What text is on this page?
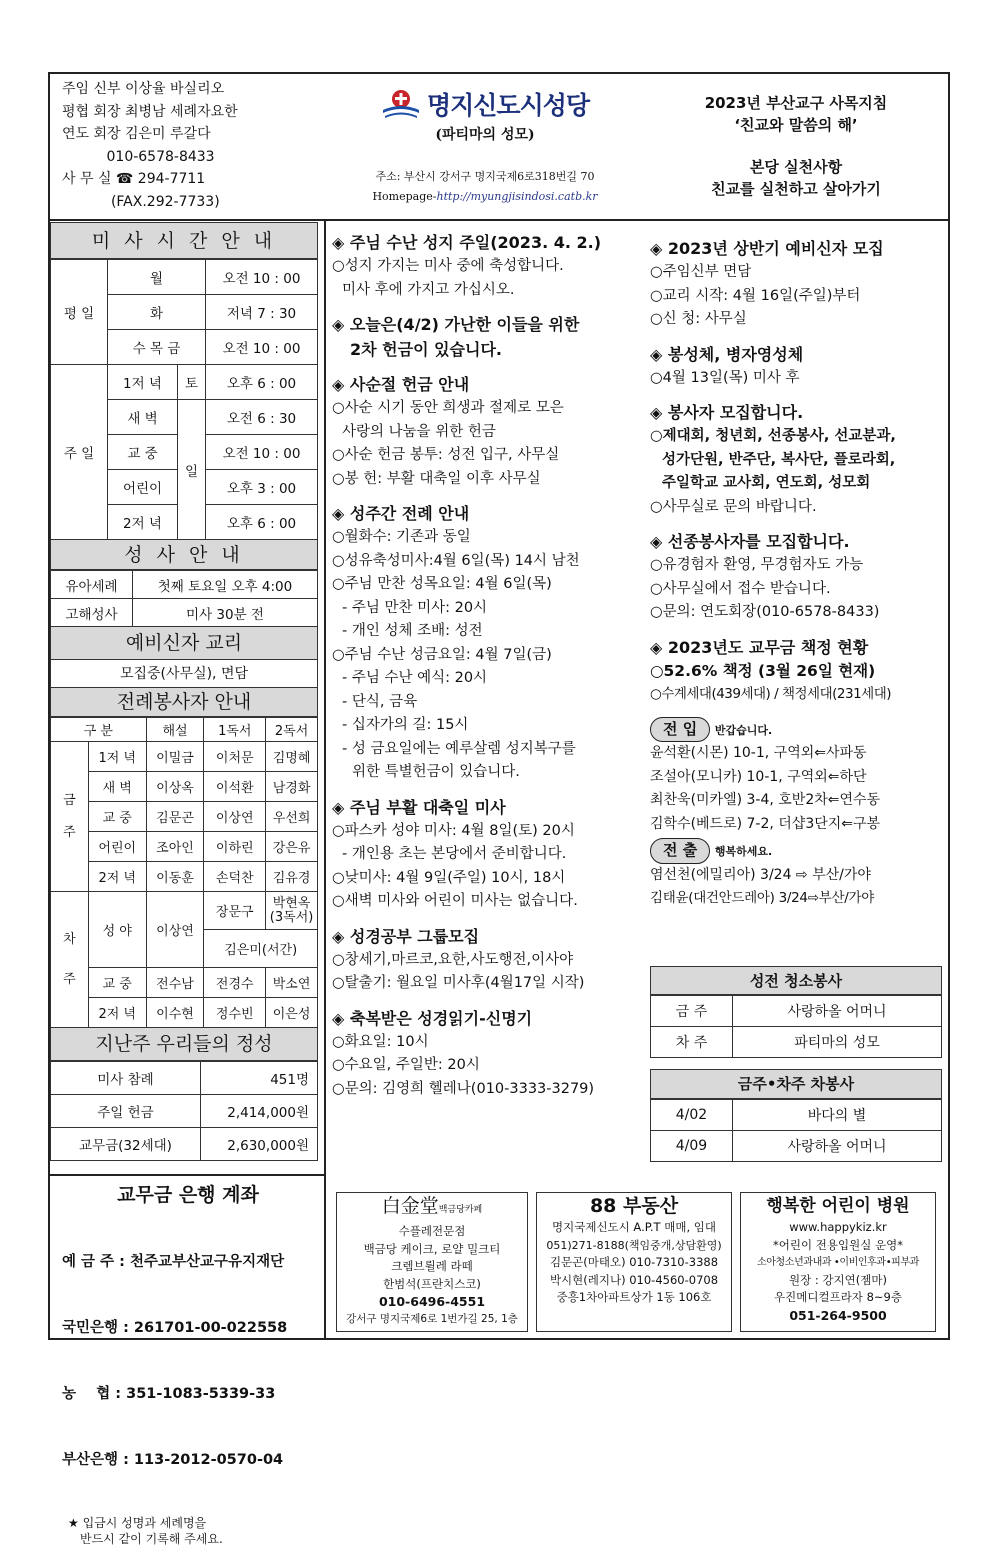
주임 신부 이상율 바실리오
평협 회장 최병남 세례자요한
연도 회장 김은미 루갈다
010-6578-8433
사 무 실 ☎ 294-7711
(FAX.292-7733)
명지신도시성당
(파티마의 성모)
주소: 부산시 강서구 명지국제6로318번길 70
Homepage-http://myungjisindosi.catb.kr
2023년 부산교구 사목지침
‘친교와 말씀의 해’
본당 실천사항
친교를 실천하고 살아가기
미 사 시 간 안 내
평 일	월		오전 10 : 00
	화		저녁 7 : 30
	수 목 금		오전 10 : 00
주 일	1저 녁	토	오후 6 : 00
	새 벽	일	오전 6 : 30
	교 중		오전 10 : 00
	어린이		오후 3 : 00
	2저 녁		오후 6 : 00
성 사 안 내
유아세례	첫째 토요일 오후 4:00
고해성사	미사 30분 전
예비신자 교리
모집중(사무실), 면담
전례봉사자 안내
구 분		해설	1독서	2독서
금

주	1저 녁	이밀금	이처문	김명혜
	새 벽	이상옥	이석환	남경화
	교 중	김문곤	이상연	우선희
	어린이	조아인	이하린	강은유
	2저 녁	이동훈	손덕찬	김유경
차

주	성 야	이상연	장문구	박현옥
(3독서)
			김은미(서간)	
	교 중	전수남	전경수	박소연
	2저 녁	이수현	정수빈	이은성
지난주 우리들의 정성
미사 참례	451명
주일 헌금	2,414,000원
교무금(32세대)	2,630,000원
교무금 은행 계좌

예 금 주 : 천주교부산교구유지재단

국민은행 : 261701-00-022558

농    협 : 351-1083-5339-33

부산은행 : 113-2012-0570-04

★ 입금시 성명과 세례명을
반드시 같이 기록해 주세요.
◈ 주님 수난 성지 주일(2023. 4. 2.)
○성지 가지는 미사 중에 축성합니다.
미사 후에 가지고 가십시오.
◈ 오늘은(4/2) 가난한 이들을 위한
2차 헌금이 있습니다.
◈ 사순절 헌금 안내
○사순 시기 동안 희생과 절제로 모은
사랑의 나눔을 위한 헌금
○사순 헌금 봉투: 성전 입구, 사무실
○봉 헌: 부활 대축일 이후 사무실
◈ 성주간 전례 안내
○월화수: 기존과 동일
○성유축성미사:4월 6일(목) 14시 남천
○주님 만찬 성목요일: 4월 6일(목)
- 주님 만찬 미사: 20시
- 개인 성체 조배: 성전
○주님 수난 성금요일: 4월 7일(금)
- 주님 수난 예식: 20시
- 단식, 금육
- 십자가의 길: 15시
- 성 금요일에는 예루살렘 성지복구를
위한 특별헌금이 있습니다.
◈ 주님 부활 대축일 미사
○파스카 성야 미사: 4월 8일(토) 20시
- 개인용 초는 본당에서 준비합니다.
○낮미사: 4월 9일(주일) 10시, 18시
○새벽 미사와 어린이 미사는 없습니다.
◈ 성경공부 그룹모집
○창세기,마르코,요한,사도행전,이사야
○탈출기: 월요일 미사후(4월17일 시작)
◈ 축복받은 성경읽기-신명기
○화요일: 10시
○수요일, 주일반: 20시
○문의: 김영희 헬레나(010-3333-3279)
◈ 2023년 상반기 예비신자 모집
○주임신부 면담
○교리 시작: 4월 16일(주일)부터
○신 청: 사무실
◈ 봉성체, 병자영성체
○4월 13일(목) 미사 후
◈ 봉사자 모집합니다.
○제대회, 청년회, 선종봉사, 선교분과,
성가단원, 반주단, 복사단, 플로라회,
주일학교 교사회, 연도회, 성모회
○사무실로 문의 바랍니다.
◈ 선종봉사자를 모집합니다.
○유경험자 환영, 무경험자도 가능
○사무실에서 접수 받습니다.
○문의: 연도회장(010-6578-8433)
◈ 2023년도 교무금 책정 현황
○52.6% 책정 (3월 26일 현재)
○수계세대(439세대) / 책정세대(231세대)
전 입 반갑습니다.
윤석환(시몬) 10-1, 구역외⇐사파동
조설아(모니카) 10-1, 구역외⇐하단
최찬욱(미카엘) 3-4, 호반2차⇐연수동
김학수(베드로) 7-2, 더샵3단지⇐구봉
전 출 행복하세요.
염선천(에밀리아) 3/24 ⇨ 부산/가야
김태윤(대건안드레아) 3/24⇨부산/가야
성전 청소봉사
금 주	사랑하올 어머니
차 주	파티마의 성모
금주•차주 차봉사
4/02	바다의 별
4/09	사랑하올 어머니
白金堂백금당카페
수플레전문점
백금당 케이크, 로얄 밀크티
크렘브륄레 라떼
한범석(프란치스코)
010-6496-4551
강서구 명지국제6로 1번가길 25, 1층
88 부동산
명지국제신도시 A.P.T 매매, 임대
051)271-8188(책임중개,상담환영)
김문곤(마태오) 010-7310-3388
박시현(레지나) 010-4560-0708
중흥1차아파트상가 1동 106호
행복한 어린이 병원
www.happykiz.kr
*어린이 전용입원실 운영*
소아청소년과내과 •이비인후과•피부과
원장 : 강지연(젬마)
우진메디컬프라자 8~9층
051-264-9500
